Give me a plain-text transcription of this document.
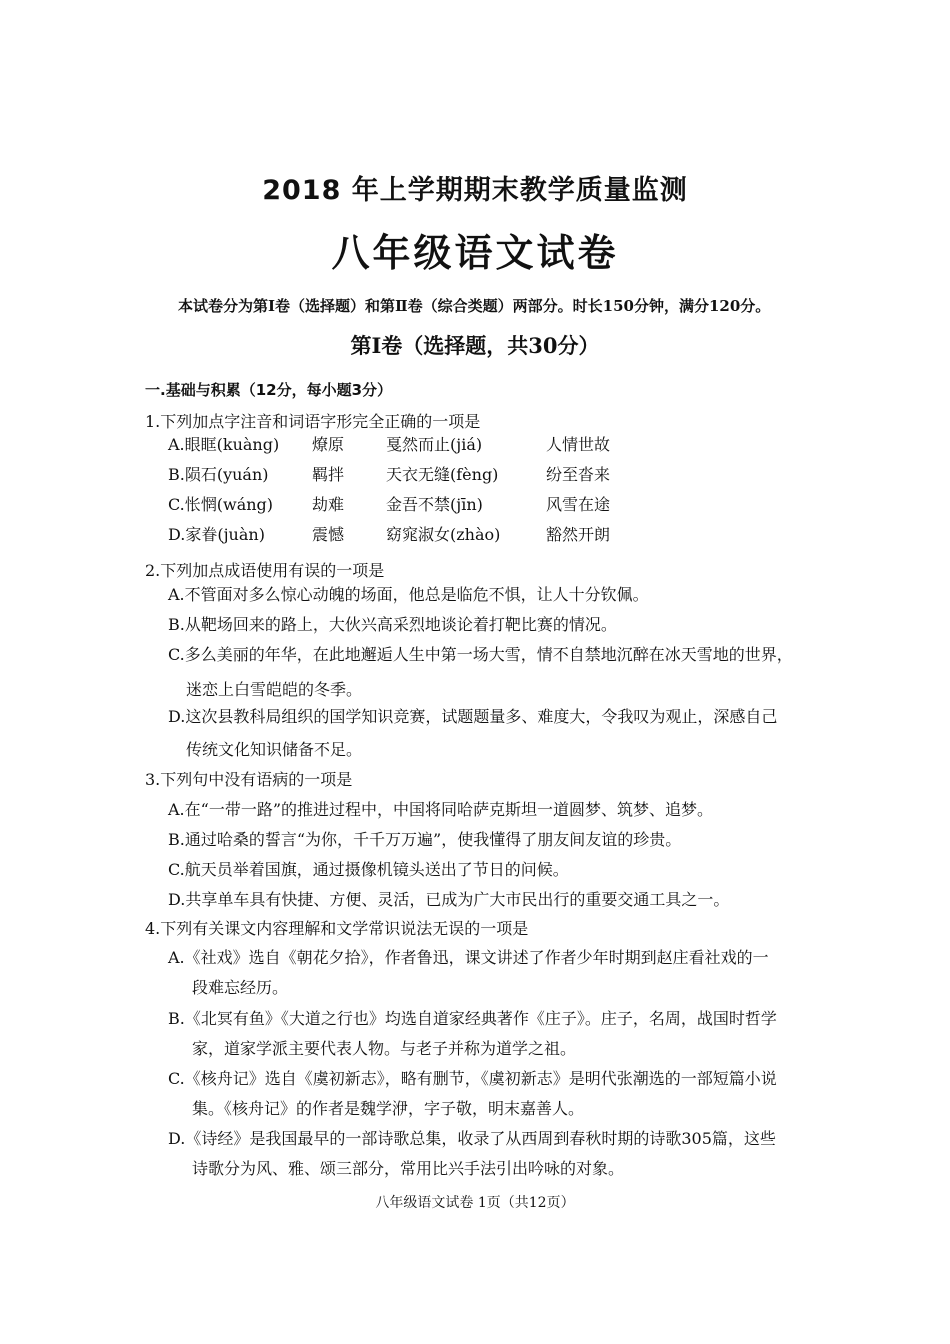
2018 年上学期期末教学质量监测
八年级语文试卷
本试卷分为第Ⅰ卷（选择题）和第Ⅱ卷（综合类题）两部分。时长150分钟，满分120分。
第Ⅰ卷（选择题，共30分）
一.基础与积累（12分，每小题3分）
1.下列加点字注音和词语字形完全正确的一项是
A.眼眶(kuàng) 燎原	戛然而止(jiá)	人情世故
B.陨石(yuán)	羁拌	天衣无缝(fèng)	纷至沓来
C.怅惘(wáng) 劫难	金吾不禁(jīn)	风雪在途
D.家眷(juàn)	震憾	窈窕淑女(zhào)	豁然开朗
2.下列加点成语使用有误的一项是
A.不管面对多么惊心动魄的场面，他总是临危不惧，让人十分钦佩。
B.从靶场回来的路上，大伙兴高采烈地谈论着打靶比赛的情况。
C.多么美丽的年华，在此地邂逅人生中第一场大雪，情不自禁地沉醉在冰天雪地的世界，
迷恋上白雪皑皑的冬季。
D.这次县教科局组织的国学知识竞赛，试题题量多、难度大，令我叹为观止，深感自己
传统文化知识储备不足。
3.下列句中没有语病的一项是
A.在“一带一路”的推进过程中，中国将同哈萨克斯坦一道圆梦、筑梦、追梦。
B.通过哈桑的誓言“为你，千千万万遍”，使我懂得了朋友间友谊的珍贵。
C.航天员举着国旗，通过摄像机镜头送出了节日的问候。
D.共享单车具有快捷、方便、灵活，已成为广大市民出行的重要交通工具之一。
4.下列有关课文内容理解和文学常识说法无误的一项是
A.《社戏》选自《朝花夕拾》，作者鲁迅，课文讲述了作者少年时期到赵庄看社戏的一
段难忘经历。
B.《北冥有鱼》《大道之行也》均选自道家经典著作《庄子》。庄子，名周，战国时哲学
家，道家学派主要代表人物。与老子并称为道学之祖。
C.《核舟记》选自《虞初新志》，略有删节，《虞初新志》是明代张潮选的一部短篇小说
集。《核舟记》的作者是魏学洢，字子敬，明末嘉善人。
D.《诗经》是我国最早的一部诗歌总集，收录了从西周到春秋时期的诗歌305篇，这些
诗歌分为风、雅、颂三部分，常用比兴手法引出吟咏的对象。
八年级语文试卷 1页（共12页）
